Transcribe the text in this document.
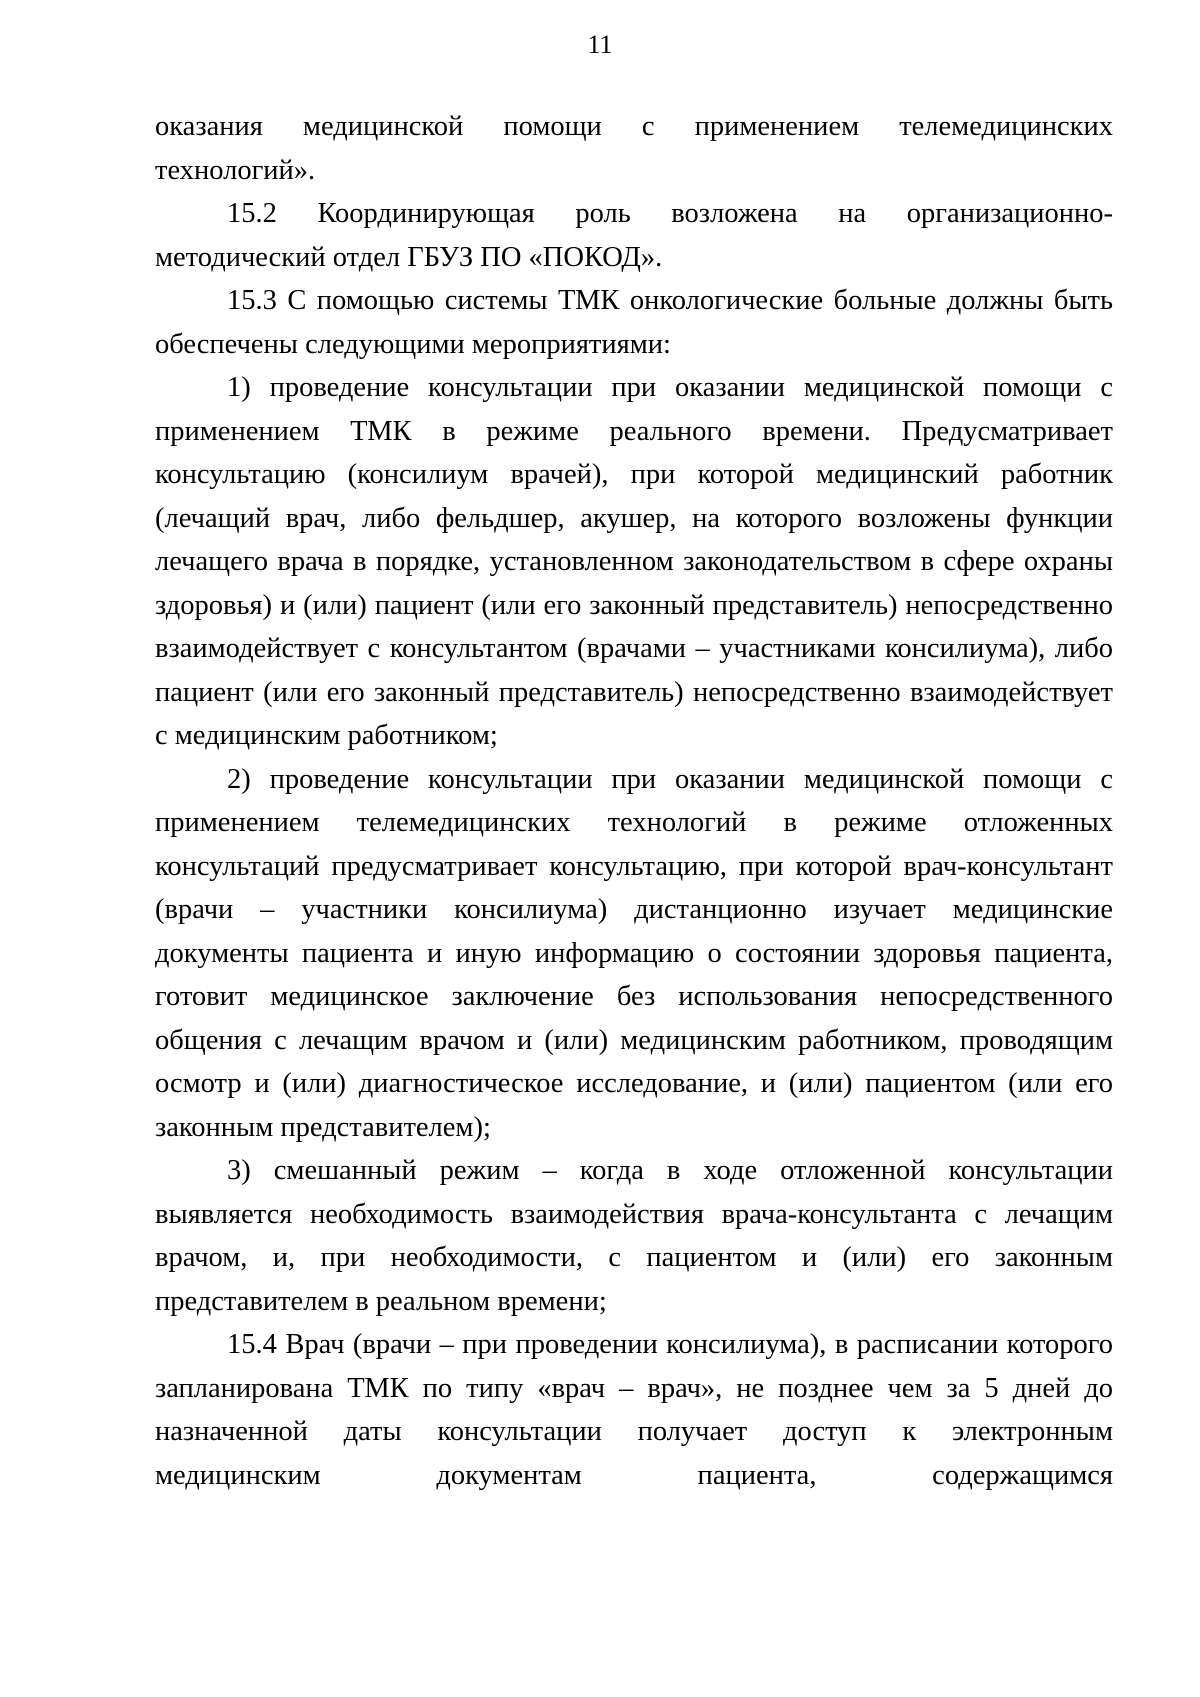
11

оказания медицинской помощи с применением телемедицинских технологий».

15.2 Координирующая роль возложена на организационно-методический отдел ГБУЗ ПО «ПОКОД».

15.3 С помощью системы ТМК онкологические больные должны быть обеспечены следующими мероприятиями:

1) проведение консультации при оказании медицинской помощи с применением ТМК в режиме реального времени. Предусматривает консультацию (консилиум врачей), при которой медицинский работник (лечащий врач, либо фельдшер, акушер, на которого возложены функции лечащего врача в порядке, установленном законодательством в сфере охраны здоровья) и (или) пациент (или его законный представитель) непосредственно взаимодействует с консультантом (врачами – участниками консилиума), либо пациент (или его законный представитель) непосредственно взаимодействует с медицинским работником;

2) проведение консультации при оказании медицинской помощи с применением телемедицинских технологий в режиме отложенных консультаций предусматривает консультацию, при которой врач-консультант (врачи – участники консилиума) дистанционно изучает медицинские документы пациента и иную информацию о состоянии здоровья пациента, готовит медицинское заключение без использования непосредственного общения с лечащим врачом и (или) медицинским работником, проводящим осмотр и (или) диагностическое исследование, и (или) пациентом (или его законным представителем);

3) смешанный режим – когда в ходе отложенной консультации выявляется необходимость взаимодействия врача-консультанта с лечащим врачом, и, при необходимости, с пациентом и (или) его законным представителем в реальном времени;

15.4 Врач (врачи – при проведении консилиума), в расписании которого запланирована ТМК по типу «врач – врач», не позднее чем за 5 дней до назначенной даты консультации получает доступ к электронным медицинским документам пациента, содержащимся
